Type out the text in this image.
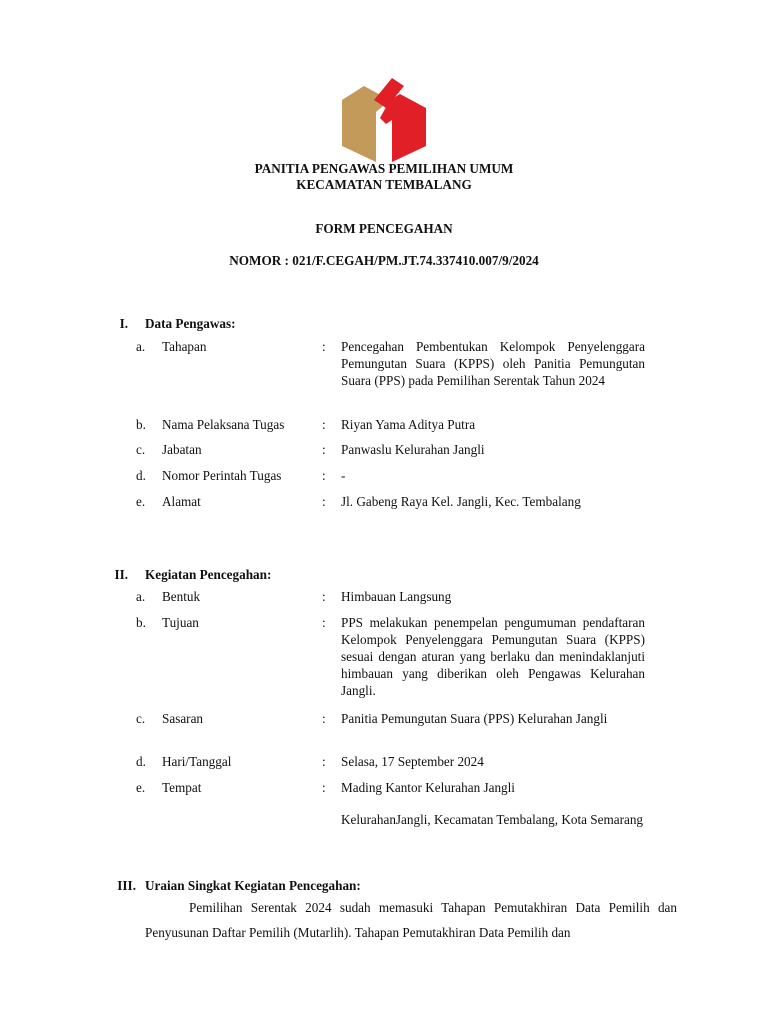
PANITIA PENGAWAS PEMILIHAN UMUM
KECAMATAN TEMBALANG
FORM PENCEGAHAN
NOMOR : 021/F.CEGAH/PM.JT.74.337410.007/9/2024
I. Data Pengawas:
a.	Tahapan	:	Pencegahan Pembentukan Kelompok Penyelenggara Pemungutan Suara (KPPS) oleh Panitia Pemungutan Suara (PPS) pada Pemilihan Serentak Tahun 2024
b.	Nama Pelaksana Tugas	:	Riyan Yama Aditya Putra
c.	Jabatan	:	Panwaslu Kelurahan Jangli
d.	Nomor Perintah Tugas	:	-
e.	Alamat	:	Jl. Gabeng Raya Kel. Jangli, Kec. Tembalang
II. Kegiatan Pencegahan:
a.	Bentuk	:	Himbauan Langsung
b.	Tujuan	:	PPS melakukan penempelan pengumuman pendaftaran Kelompok Penyelenggara Pemungutan Suara (KPPS) sesuai dengan aturan yang berlaku dan menindaklanjuti himbauan yang diberikan oleh Pengawas Kelurahan Jangli.
c.	Sasaran	:	Panitia Pemungutan Suara (PPS) Kelurahan Jangli
d.	Hari/Tanggal	:	Selasa, 17 September 2024
e.	Tempat	:	Mading Kantor Kelurahan Jangli
KelurahanJangli, Kecamatan Tembalang, Kota Semarang
III. Uraian Singkat Kegiatan Pencegahan:
Pemilihan Serentak 2024 sudah memasuki Tahapan Pemutakhiran Data Pemilih dan Penyusunan Daftar Pemilih (Mutarlih). Tahapan Pemutakhiran Data Pemilih dan
